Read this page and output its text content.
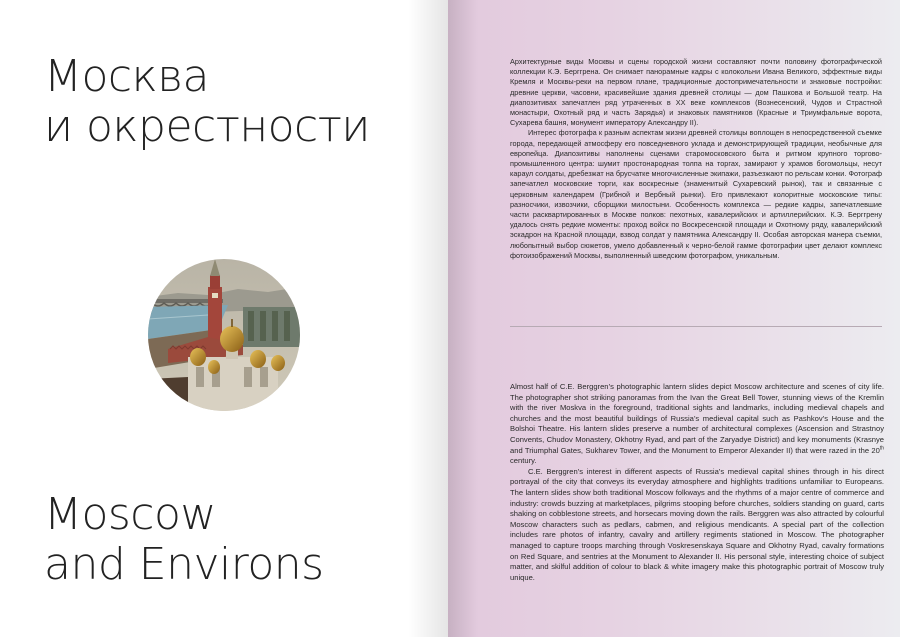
Москва
и окрестности
Moscow
and Environs

Архитектурные виды Москвы и сцены городской жизни составляют почти половину фотографической коллекции К.Э. Берггрена. Он снимает панорамные кадры с колокольни Ивана Великого, эффектные виды Кремля и Москвы-реки на первом плане, традиционные достопримечательности и знаковые постройки: древние церкви, часовни, красивейшие здания древней столицы — дом Пашкова и Большой театр. На диапозитивах запечатлен ряд утраченных в XX веке комплексов (Вознесенский, Чудов и Страстной монастыри, Охотный ряд и часть Зарядья) и знаковых памятников (Красные и Триумфальные ворота, Сухарева башня, монумент императору Александру II).

Интерес фотографа к разным аспектам жизни древней столицы воплощен в непосредственной съемке города, передающей атмосферу его повседневного уклада и демонстрирующей традиции, необычные для европейца. Диапозитивы наполнены сценами старомосковского быта и ритмом крупного торгово-промышленного центра: шумит простонародная толпа на торгах, замирают у храмов богомольцы, несут караул солдаты, дребезжат на брусчатке многочисленные экипажи, разъезжают по рельсам конки. Фотограф запечатлел московские торги, как воскресные (знаменитый Сухаревский рынок), так и связанные с церковным календарем (Грибной и Вербный рынки). Его привлекают колоритные московские типы: разносчики, извозчики, сборщики милостыни. Особенность комплекса — редкие кадры, запечатлевшие части расквартированных в Москве полков: пехотных, кавалерийских и артиллерийских. К.Э. Берггрену удалось снять редкие моменты: проход войск по Воскресенской площади и Охотному ряду, кавалерийский эскадрон на Красной площади, взвод солдат у памятника Александру II. Особая авторская манера съемки, любопытный выбор сюжетов, умело добавленный к черно-белой гамме фотографии цвет делают комплекс фотоизображений Москвы, выполненный шведским фотографом, уникальным.

Almost half of C.E. Berggren’s photographic lantern slides depict Moscow architecture and scenes of city life. The photographer shot striking panoramas from the Ivan the Great Bell Tower, stunning views of the Kremlin with the river Moskva in the foreground, traditional sights and landmarks, including medieval chapels and churches and the most beautiful buildings of Russia’s medieval capital such as Pashkov’s House and the Bolshoi Theatre. His lantern slides preserve a number of architectural complexes (Ascension and Strastnoy Convents, Chudov Monastery, Okhotny Ryad, and part of the Zaryadye District) and key monuments (Krasnye and Triumphal Gates, Sukharev Tower, and the Monument to Emperor Alexander II) that were razed in the 20th century.

C.E. Berggren’s interest in different aspects of Russia’s medieval capital shines through in his direct portrayal of the city that conveys its everyday atmosphere and highlights traditions unfamiliar to Europeans. The lantern slides show both traditional Moscow folkways and the rhythms of a major centre of commerce and industry: crowds buzzing at marketplaces, pilgrims stooping before churches, soldiers standing on guard, carts shaking on cobblestone streets, and horsecars moving down the rails. Berggren was also attracted by colourful Moscow characters such as pedlars, cabmen, and religious mendicants. A special part of the collection includes rare photos of infantry, cavalry and artillery regiments stationed in Moscow. The photographer managed to capture troops marching through Voskresenskaya Square and Okhotny Ryad, cavalry formations on Red Square, and sentries at the Monument to Alexander II. His personal style, interesting choice of subject matter, and skilful addition of colour to black & white imagery make this photographic portrait of Moscow truly unique.
